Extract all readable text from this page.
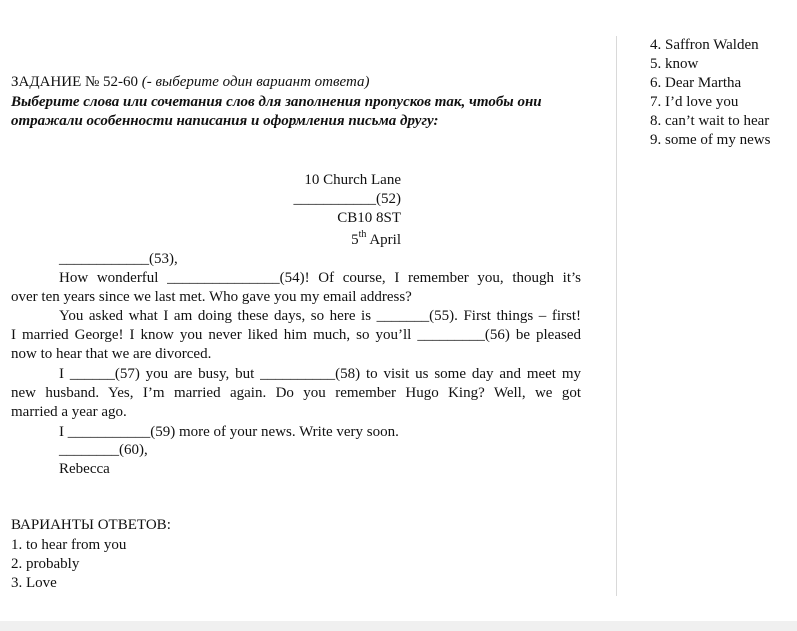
ЗАДАНИЕ № 52-60 (- выберите один вариант ответа)
Выберите слова или сочетания слов для заполнения пропусков так, чтобы они
отражали особенности написания и оформления письма другу:
10 Church Lane
___________(52)
CB10 8ST
5th April
____________(53),
How wonderful _______________(54)! Of course, I remember you, though it’s
over ten years since we last met. Who gave you my email address?
You asked what I am doing these days, so here is _______(55). First things – first!
I married George! I know you never liked him much, so you’ll _________(56) be pleased
now to hear that we are divorced.
I ______(57) you are busy, but __________(58) to visit us some day and meet my
new husband. Yes, I’m married again. Do you remember Hugo King? Well, we got
married a year ago.
I ___________(59) more of your news. Write very soon.
________(60),
Rebecca
ВАРИАНТЫ ОТВЕТОВ:
1. to hear from you
2. probably
3. Love
4. Saffron Walden
5. know
6. Dear Martha
7. I’d love you
8. can’t wait to hear
9. some of my news
